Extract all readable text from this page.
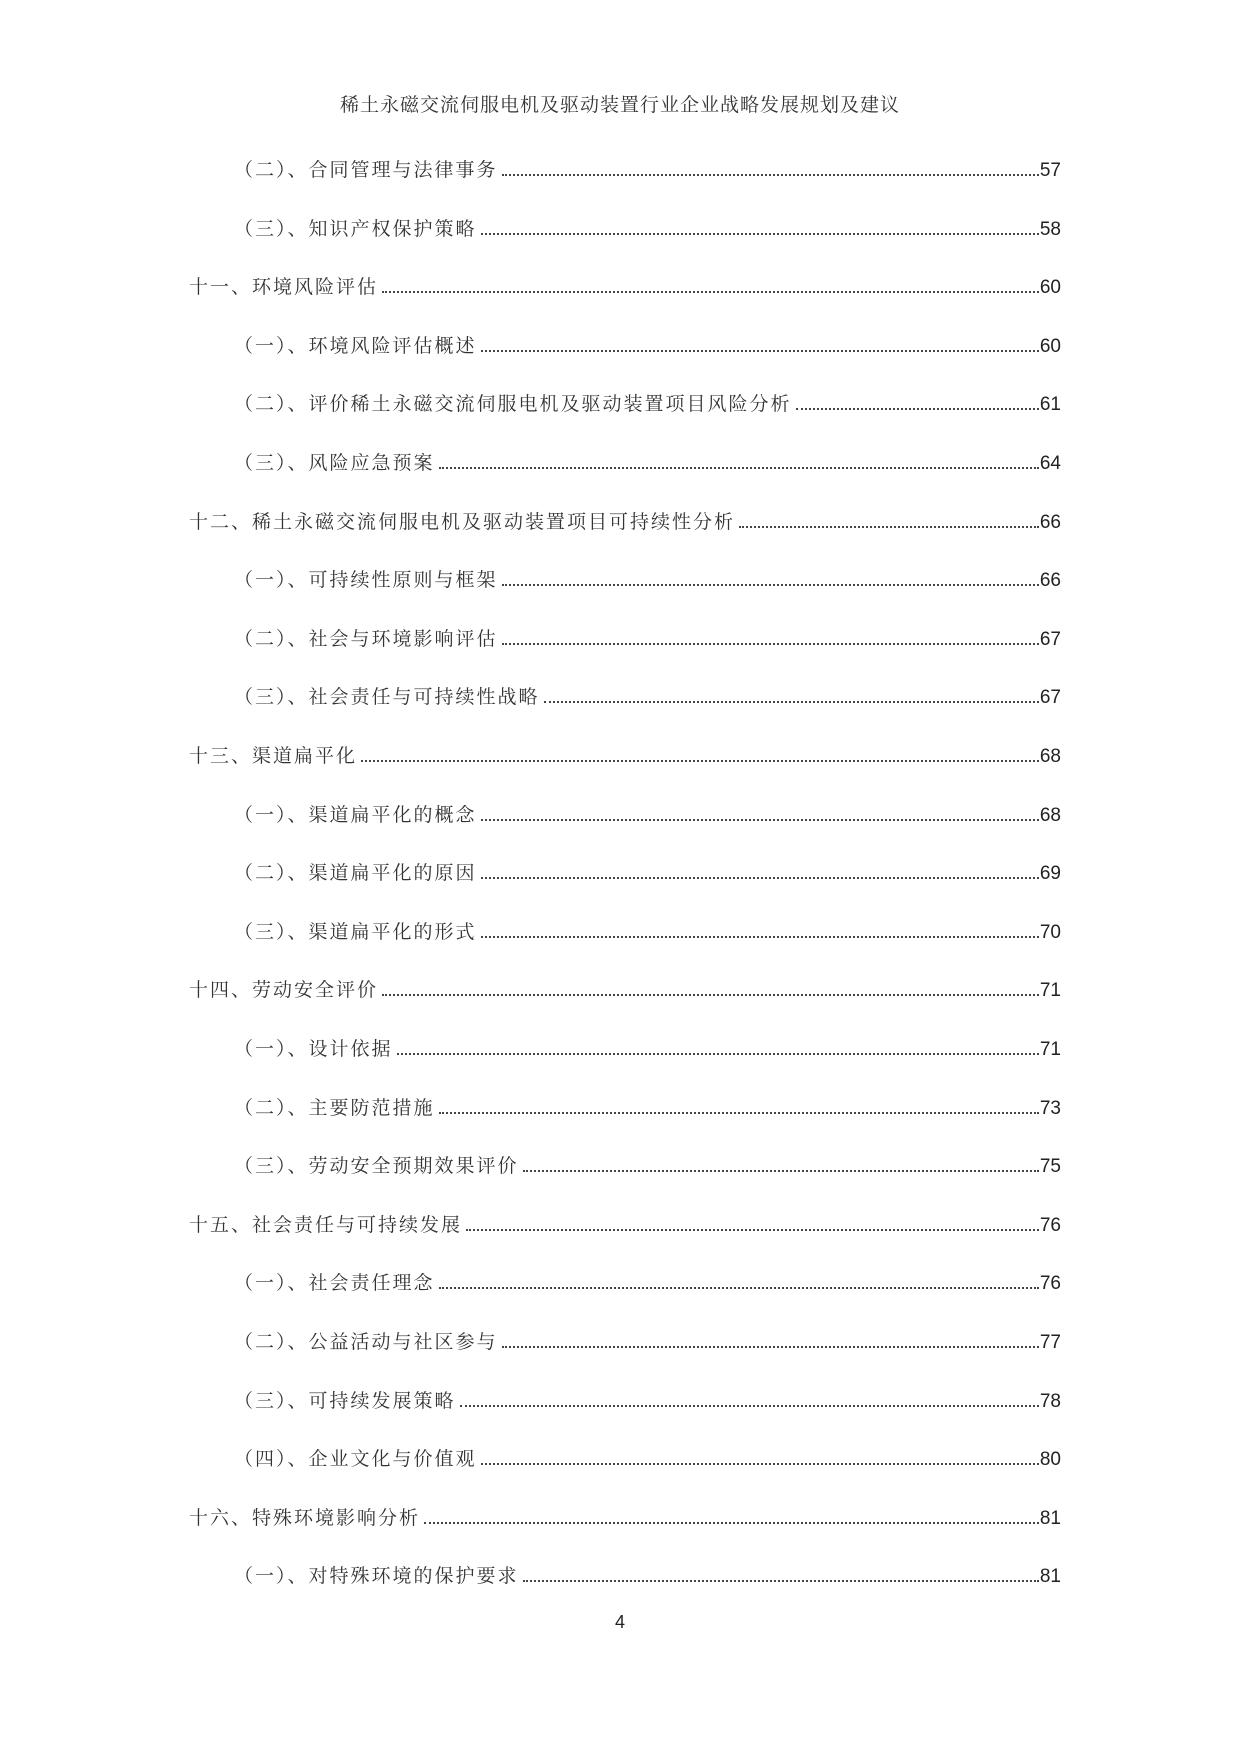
稀土永磁交流伺服电机及驱动装置行业企业战略发展规划及建议
（二）、合同管理与法律事务	57
（三）、知识产权保护策略	58
十一、环境风险评估	60
（一）、环境风险评估概述	60
（二）、评价稀土永磁交流伺服电机及驱动装置项目风险分析	61
（三）、风险应急预案	64
十二、稀土永磁交流伺服电机及驱动装置项目可持续性分析	66
（一）、可持续性原则与框架	66
（二）、社会与环境影响评估	67
（三）、社会责任与可持续性战略	67
十三、渠道扁平化	68
（一）、渠道扁平化的概念	68
（二）、渠道扁平化的原因	69
（三）、渠道扁平化的形式	70
十四、劳动安全评价	71
（一）、设计依据	71
（二）、主要防范措施	73
（三）、劳动安全预期效果评价	75
十五、社会责任与可持续发展	76
（一）、社会责任理念	76
（二）、公益活动与社区参与	77
（三）、可持续发展策略	78
（四）、企业文化与价值观	80
十六、特殊环境影响分析	81
（一）、对特殊环境的保护要求	81
4
